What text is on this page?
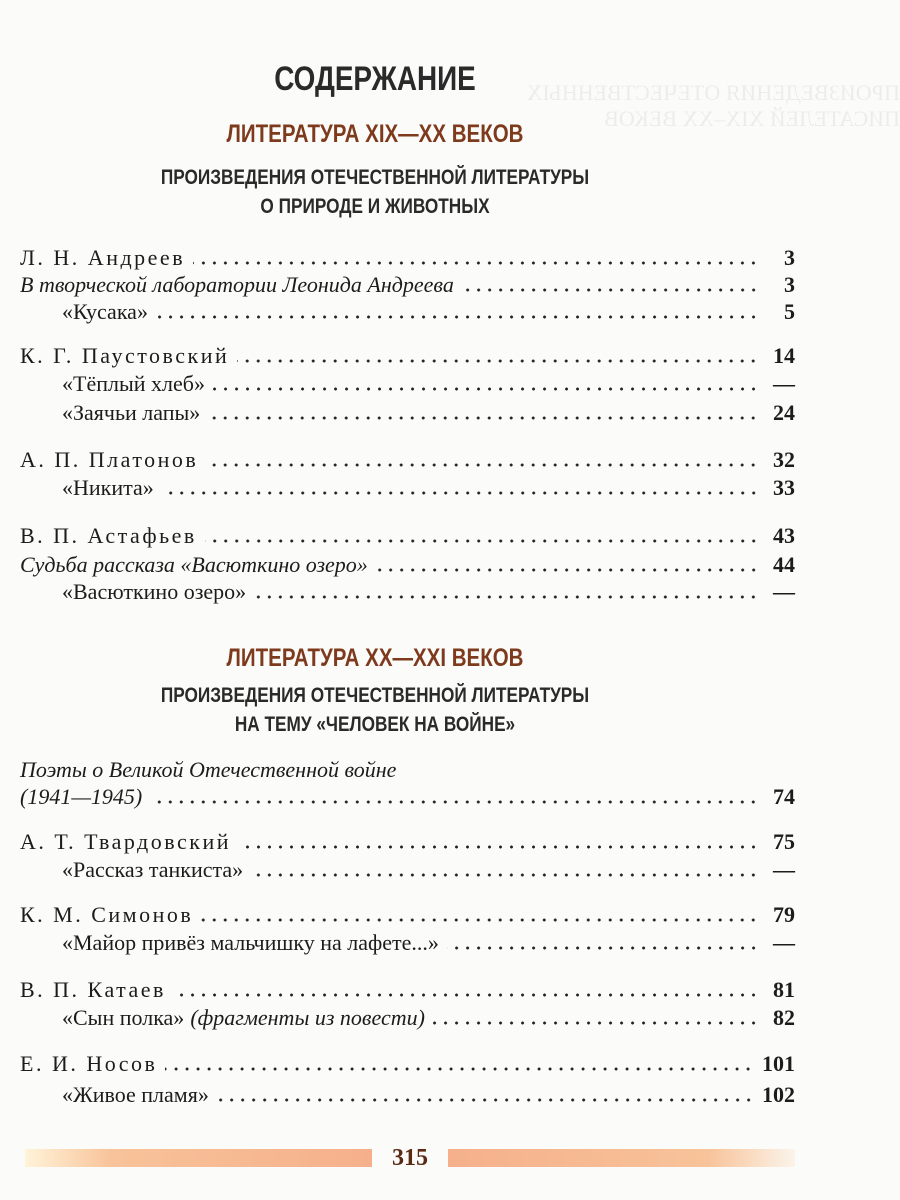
ПРОИЗВЕДЕНИЯ ОТЕЧЕСТВЕННЫХ ПИСАТЕЛЕЙ XIX–XX ВЕКОВ
СОДЕРЖАНИЕ
ЛИТЕРАТУРА XIX—XX ВЕКОВ
ПРОИЗВЕДЕНИЯ ОТЕЧЕСТВЕННОЙ ЛИТЕРАТУРЫ
О ПРИРОДЕ И ЖИВОТНЫХ
ЛИТЕРАТУРА XX—XXI ВЕКОВ
ПРОИЗВЕДЕНИЯ ОТЕЧЕСТВЕННОЙ ЛИТЕРАТУРЫ
НА ТЕМУ «ЧЕЛОВЕК НА ВОЙНЕ»
Л. Н. Андреев	3
В творческой лаборатории Леонида Андреева	3
«Кусака»	5
К. Г. Паустовский	14
«Тёплый хлеб»	—
«Заячьи лапы»	24
А. П. Платонов	32
«Никита»	33
В. П. Астафьев	43
Судьба рассказа «Васюткино озеро»	44
«Васюткино озеро»	—
Поэты о Великой Отечественной войне
(1941—1945)	74
А. Т. Твардовский	75
«Рассказ танкиста»	—
К. М. Симонов	79
«Майор привёз мальчишку на лафете...»	—
В. П. Катаев	81
«Сын полка» (фрагменты из повести)	82
Е. И. Носов	101
«Живое пламя»	102
315
